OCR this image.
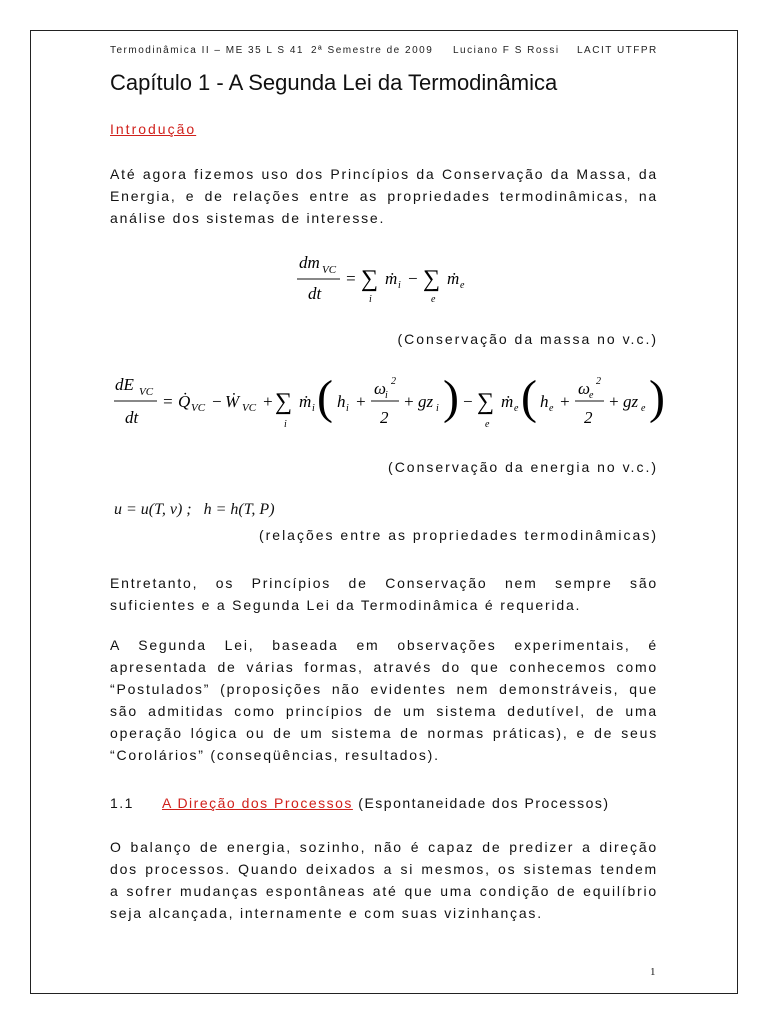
Termodinâmica II – ME 35 L S 41 2ª Semestre de 2009 Luciano F S Rossi LACIT UTFPR
Capítulo 1 - A Segunda Lei da Termodinâmica
Introdução
Até agora fizemos uso dos Princípios da Conservação da Massa, da Energia, e de relações entre as propriedades termodinâmicas, na análise dos sistemas de interesse.
dm VC
dt
= ∑
i
ṁ i − ∑
e
ṁ e
(Conservação da massa no v.c.)
dE VC
dt
= Q̇ VC − Ẇ VC + ∑
i
ṁ i ( h i +
ω
i
2
2
+ gz i ) − ∑
e
ṁ e ( h e +
ω
e
2
2
+ gz e )
(Conservação da energia no v.c.)
u = u(T, v) ;   h = h(T, P)
(relações entre as propriedades termodinâmicas)
Entretanto, os Princípios de Conservação nem sempre são suficientes e a Segunda Lei da Termodinâmica é requerida.
A Segunda Lei, baseada em observações experimentais, é apresentada de várias formas, através do que conhecemos como “Postulados” (proposições não evidentes nem demonstráveis, que são admitidas como princípios de um sistema dedutível, de uma operação lógica ou de um sistema de normas práticas), e de seus “Corolários” (conseqüências, resultados).
1.1 A Direção dos Processos (Espontaneidade dos Processos)
O balanço de energia, sozinho, não é capaz de predizer a direção dos processos. Quando deixados a si mesmos, os sistemas tendem a sofrer mudanças espontâneas até que uma condição de equilíbrio seja alcançada, internamente e com suas vizinhanças.
1
